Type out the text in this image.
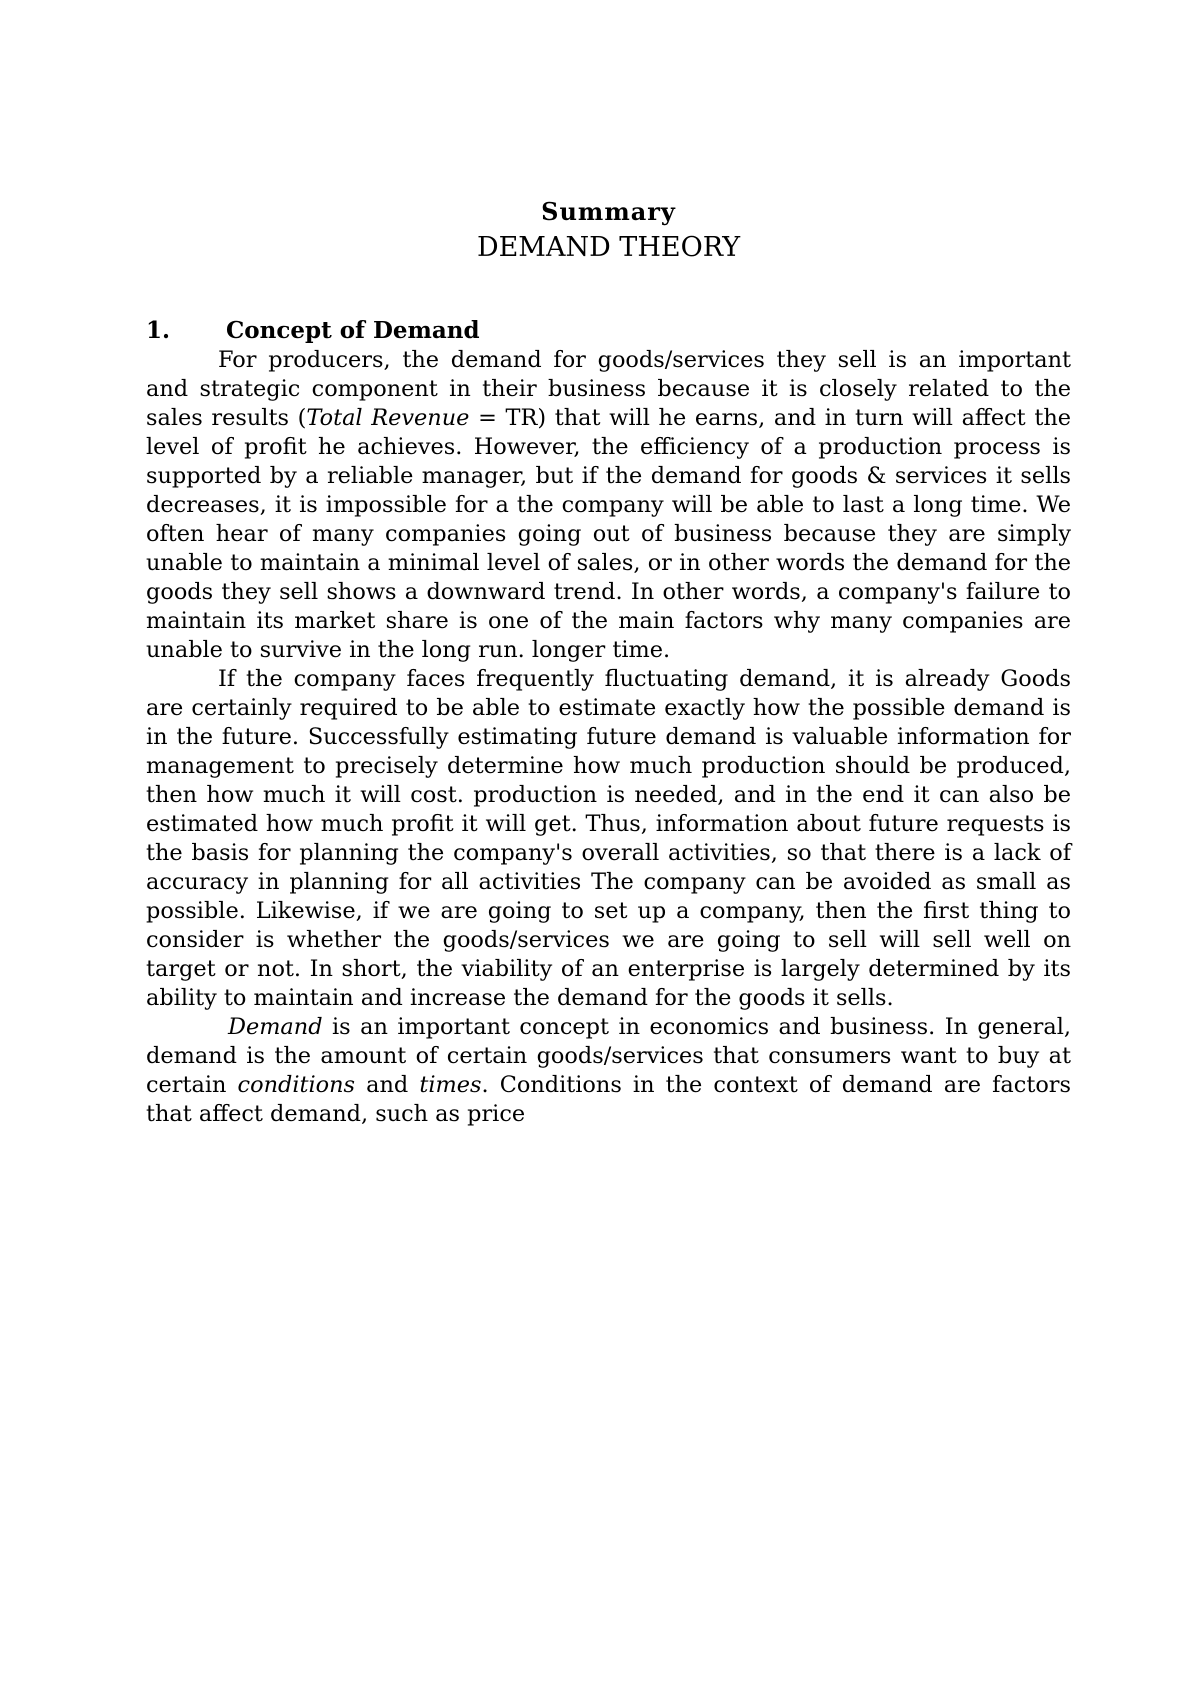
Summary
DEMAND THEORY
1.	Concept of Demand

For producers, the demand for goods/services they sell is an important and strategic component in their business because it is closely related to the sales results (Total Revenue = TR) that will he earns, and in turn will affect the level of profit he achieves. However, the efficiency of a production process is supported by a reliable manager, but if the demand for goods & services it sells decreases, it is impossible for a the company will be able to last a long time. We often hear of many companies going out of business because they are simply unable to maintain a minimal level of sales, or in other words the demand for the goods they sell shows a downward trend. In other words, a company's failure to maintain its market share is one of the main factors why many companies are unable to survive in the long run. longer time.

If the company faces frequently fluctuating demand, it is already Goods are certainly required to be able to estimate exactly how the possible demand is in the future. Successfully estimating future demand is valuable information for management to precisely determine how much production should be produced, then how much it will cost. production is needed, and in the end it can also be estimated how much profit it will get. Thus, information about future requests is the basis for planning the company's overall activities, so that there is a lack of accuracy in planning for all activities The company can be avoided as small as possible. Likewise, if we are going to set up a company, then the first thing to consider is whether the goods/services we are going to sell will sell well on target or not. In short, the viability of an enterprise is largely determined by its ability to maintain and increase the demand for the goods it sells.

Demand is an important concept in economics and business. In general, demand is the amount of certain goods/services that consumers want to buy at certain conditions and times. Conditions in the context of demand are factors that affect demand, such as price
